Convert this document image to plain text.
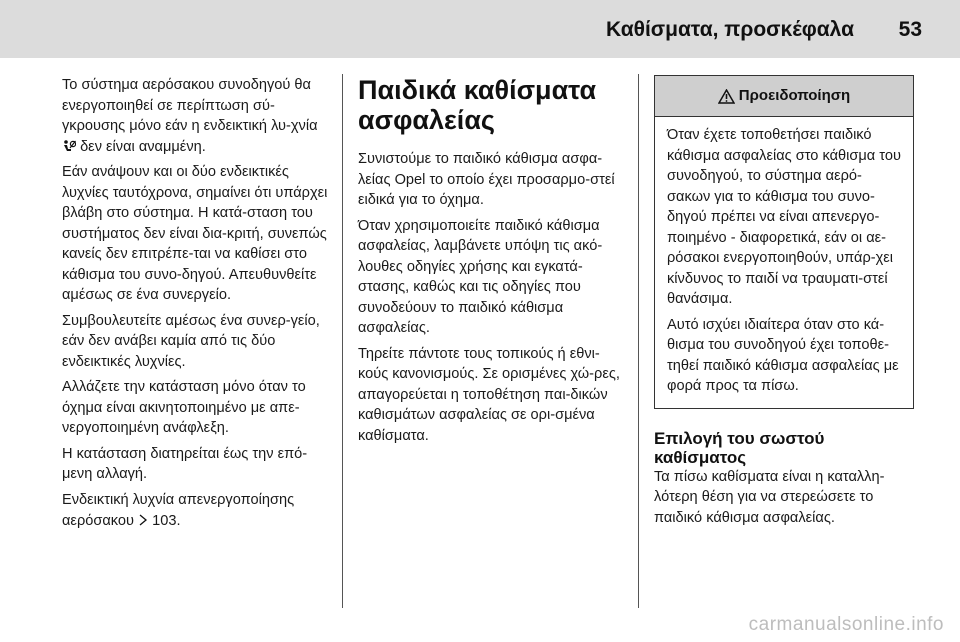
Καθίσματα, προσκέφαλα 53

Το σύστημα αερόσακου συνοδηγού θα ενεργοποιηθεί σε περίπτωση σύ-γκρουσης μόνο εάν η ενδεικτική λυ-χνία  δεν είναι αναμμένη.

Εάν ανάψουν και οι δύο ενδεικτικές λυχνίες ταυτόχρονα, σημαίνει ότι υπάρχει βλάβη στο σύστημα. Η κατά-σταση του συστήματος δεν είναι δια-κριτή, συνεπώς κανείς δεν επιτρέπε-ται να καθίσει στο κάθισμα του συνο-δηγού. Απευθυνθείτε αμέσως σε ένα συνεργείο.

Συμβουλευτείτε αμέσως ένα συνερ-γείο, εάν δεν ανάβει καμία από τις δύο ενδεικτικές λυχνίες.

Αλλάζετε την κατάσταση μόνο όταν το όχημα είναι ακινητοποιημένο με απε-νεργοποιημένη ανάφλεξη.

Η κατάσταση διατηρείται έως την επό-μενη αλλαγή.

Ενδεικτική λυχνία απενεργοποίησης αερόσακου 103.

Παιδικά καθίσματα ασφαλείας

Συνιστούμε το παιδικό κάθισμα ασφα-λείας Opel το οποίο έχει προσαρμο-στεί ειδικά για το όχημα.

Όταν χρησιμοποιείτε παιδικό κάθισμα ασφαλείας, λαμβάνετε υπόψη τις ακό-λουθες οδηγίες χρήσης και εγκατά-στασης, καθώς και τις οδηγίες που συνοδεύουν το παιδικό κάθισμα ασφαλείας.

Τηρείτε πάντοτε τους τοπικούς ή εθνι-κούς κανονισμούς. Σε ορισμένες χώ-ρες, απαγορεύεται η τοποθέτηση παι-δικών καθισμάτων ασφαλείας σε ορι-σμένα καθίσματα.

Προειδοποίηση

Όταν έχετε τοποθετήσει παιδικό κάθισμα ασφαλείας στο κάθισμα του συνοδηγού, το σύστημα αερό-σακων για το κάθισμα του συνο-δηγού πρέπει να είναι απενεργο-ποιημένο - διαφορετικά, εάν οι αε-ρόσακοι ενεργοποιηθούν, υπάρ-χει κίνδυνος το παιδί να τραυματι-στεί θανάσιμα.

Αυτό ισχύει ιδιαίτερα όταν στο κά-θισμα του συνοδηγού έχει τοποθε-τηθεί παιδικό κάθισμα ασφαλείας με φορά προς τα πίσω.

Επιλογή του σωστού καθίσματος

Τα πίσω καθίσματα είναι η καταλλη-λότερη θέση για να στερεώσετε το παιδικό κάθισμα ασφαλείας.

carmanualsonline.info
